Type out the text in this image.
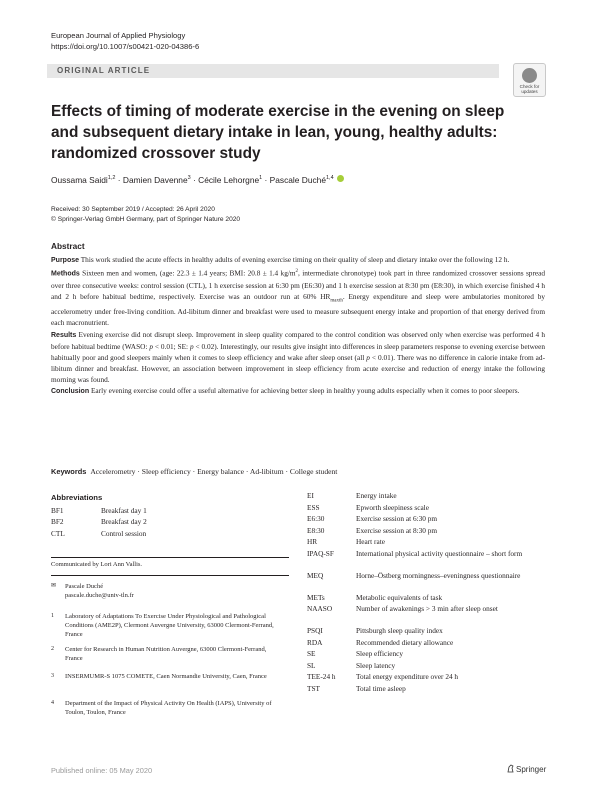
European Journal of Applied Physiology
https://doi.org/10.1007/s00421-020-04386-6
ORIGINAL ARTICLE
Check for updates
Effects of timing of moderate exercise in the evening on sleep and subsequent dietary intake in lean, young, healthy adults: randomized crossover study
Oussama Saidi$^{1,2}$ · Damien Davenne$^3$ · Cécile Lehorgne$^1$ · Pascale Duché$^{1,4}$
Received: 30 September 2019 / Accepted: 26 April 2020
© Springer-Verlag GmbH Germany, part of Springer Nature 2020
Abstract

Purpose This work studied the acute effects in healthy adults of evening exercise timing on their quality of sleep and dietary intake over the following 12 h.

Methods Sixteen men and women, (age: 22.3 ± 1.4 years; BMI: 20.8 ± 1.4 $kg/m^2$, intermediate chronotype) took part in three randomized crossover sessions spread over three consecutive weeks: control session (CTL), 1 h exercise session at 6:30 pm (E6:30) and 1 h exercise session at 8:30 pm (E8:30), in which exercise finished 4 h and 2 h before habitual bedtime, respectively. Exercise was an outdoor run at 60% $HR_{maxth}$. Energy expenditure and sleep were ambulatories monitored by accelerometry under free-living condition. Ad-libitum dinner and breakfast were used to measure subsequent energy intake and proportion of that energy derived from each macronutrient.

Results Evening exercise did not disrupt sleep. Improvement in sleep quality compared to the control condition was observed only when exercise was performed 4 h before habitual bedtime (WASO: p < 0.01; SE: p < 0.02). Interestingly, our results give insight into differences in sleep parameters response to evening exercise between habitually poor and good sleepers mainly when it comes to sleep efficiency and wake after sleep onset (all p < 0.01). There was no difference in calorie intake from ad-libitum dinner and breakfast. However, an association between improvement in sleep efficiency from acute exercise and reduction of energy intake the following morning was found.

Conclusion Early evening exercise could offer a useful alternative for achieving better sleep in healthy young adults especially when it comes to poor sleepers.

Keywords Accelerometry · Sleep efficiency · Energy balance · Ad-libitum · College student
Abbreviations
BF1	Breakfast day 1
BF2	Breakfast day 2
CTL	Control session
EI	Energy intake
ESS	Epworth sleepiness scale
E6:30	Exercise session at 6:30 pm
E8:30	Exercise session at 8:30 pm
HR	Heart rate
IPAQ-SF	International physical activity questionnaire – short form
MEQ	Horne–Östberg morningness–eveningness questionnaire
METs	Metabolic equivalents of task
NAASO	Number of awakenings > 3 min after sleep onset
PSQI	Pittsburgh sleep quality index
RDA	Recommended dietary allowance
SE	Sleep efficiency
SL	Sleep latency
TEE-24 h	Total energy expenditure over 24 h
TST	Total time asleep
Communicated by Lori Ann Vallis.
✉ Pascale Duché
pascale.duche@univ-tln.fr
1 Laboratory of Adaptations To Exercise Under Physiological and Pathological Conditions (AME2P), Clermont Auvergne University, 63000 Clermont-Ferrand, France
2 Center for Research in Human Nutrition Auvergne, 63000 Clermont-Ferrand, France
3 INSERMUMR-S 1075 COMETE, Caen Normandie University, Caen, France
4 Department of the Impact of Physical Activity On Health (IAPS), University of Toulon, Toulon, France
Published online: 05 May 2020	Springer
